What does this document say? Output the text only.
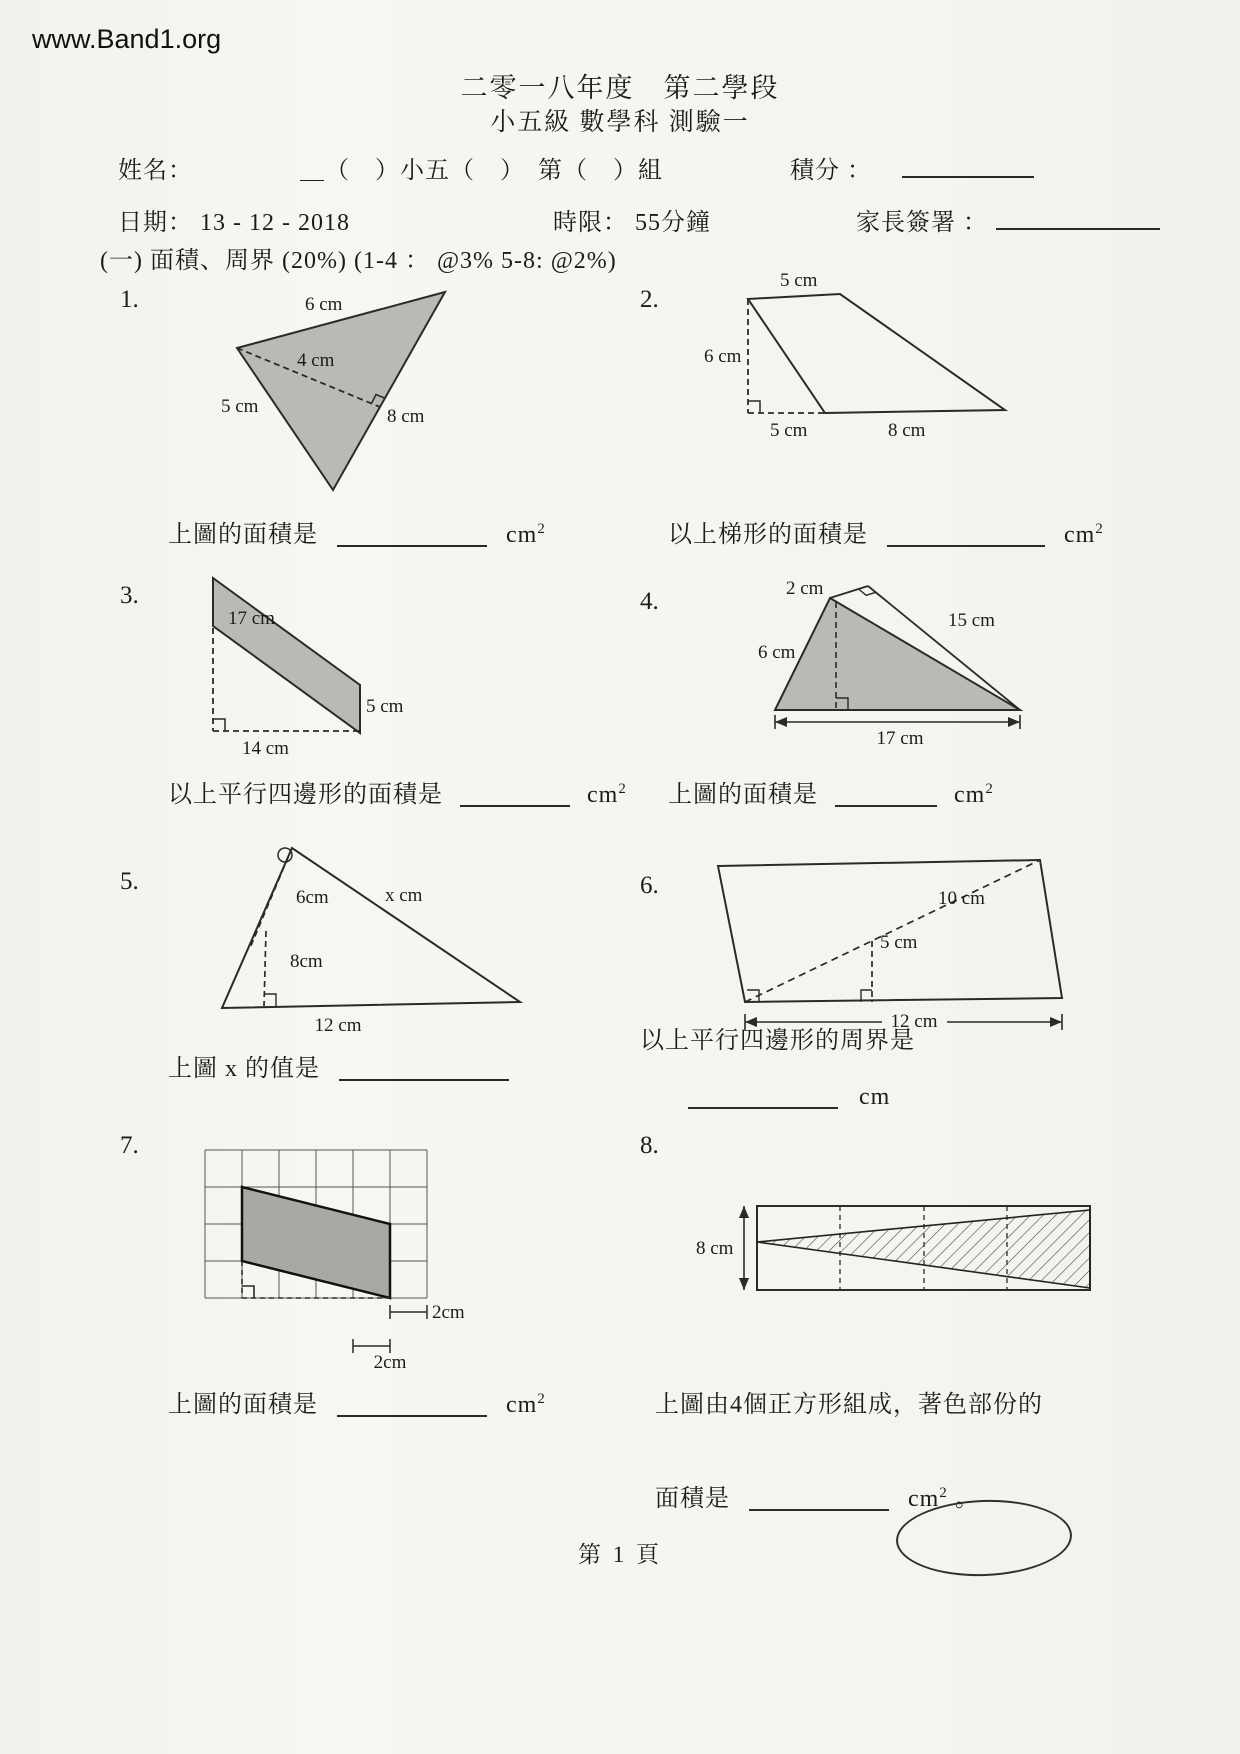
www.Band1.org
二零一八年度　第二學段
小五級 數學科 測驗一
姓名：	＿（　）小五（　）　第（　）組	積分 ：
日期： 13 - 12 - 2018	時限： 55分鐘	家長簽署 ：
(一) 面積、周界 (20%) (1-4 ： @3% 5-8: @2%)
1.	2.
3.	4.
5.	6.
7.	8.
6 cm
4 cm
5 cm	8 cm
5 cm
6 cm
5 cm	8 cm
17 cm
5 cm
14 cm
2 cm
15 cm
6 cm
17 cm
6cm
8cm
x cm
12 cm
10 cm
5 cm
12 cm
2cm
2cm
8 cm
上圖的面積是	$cm^2$	以上梯形的面積是	$cm^2$
以上平行四邊形的面積是	$cm^2$ 上圖的面積是	$cm^2$
上圖 x 的值是
以上平行四邊形的周界是
cm
上圖的面積是	$cm^2$	上圖由4個正方形組成，著色部份的
面積是	$cm^2$ 。
第 1 頁
